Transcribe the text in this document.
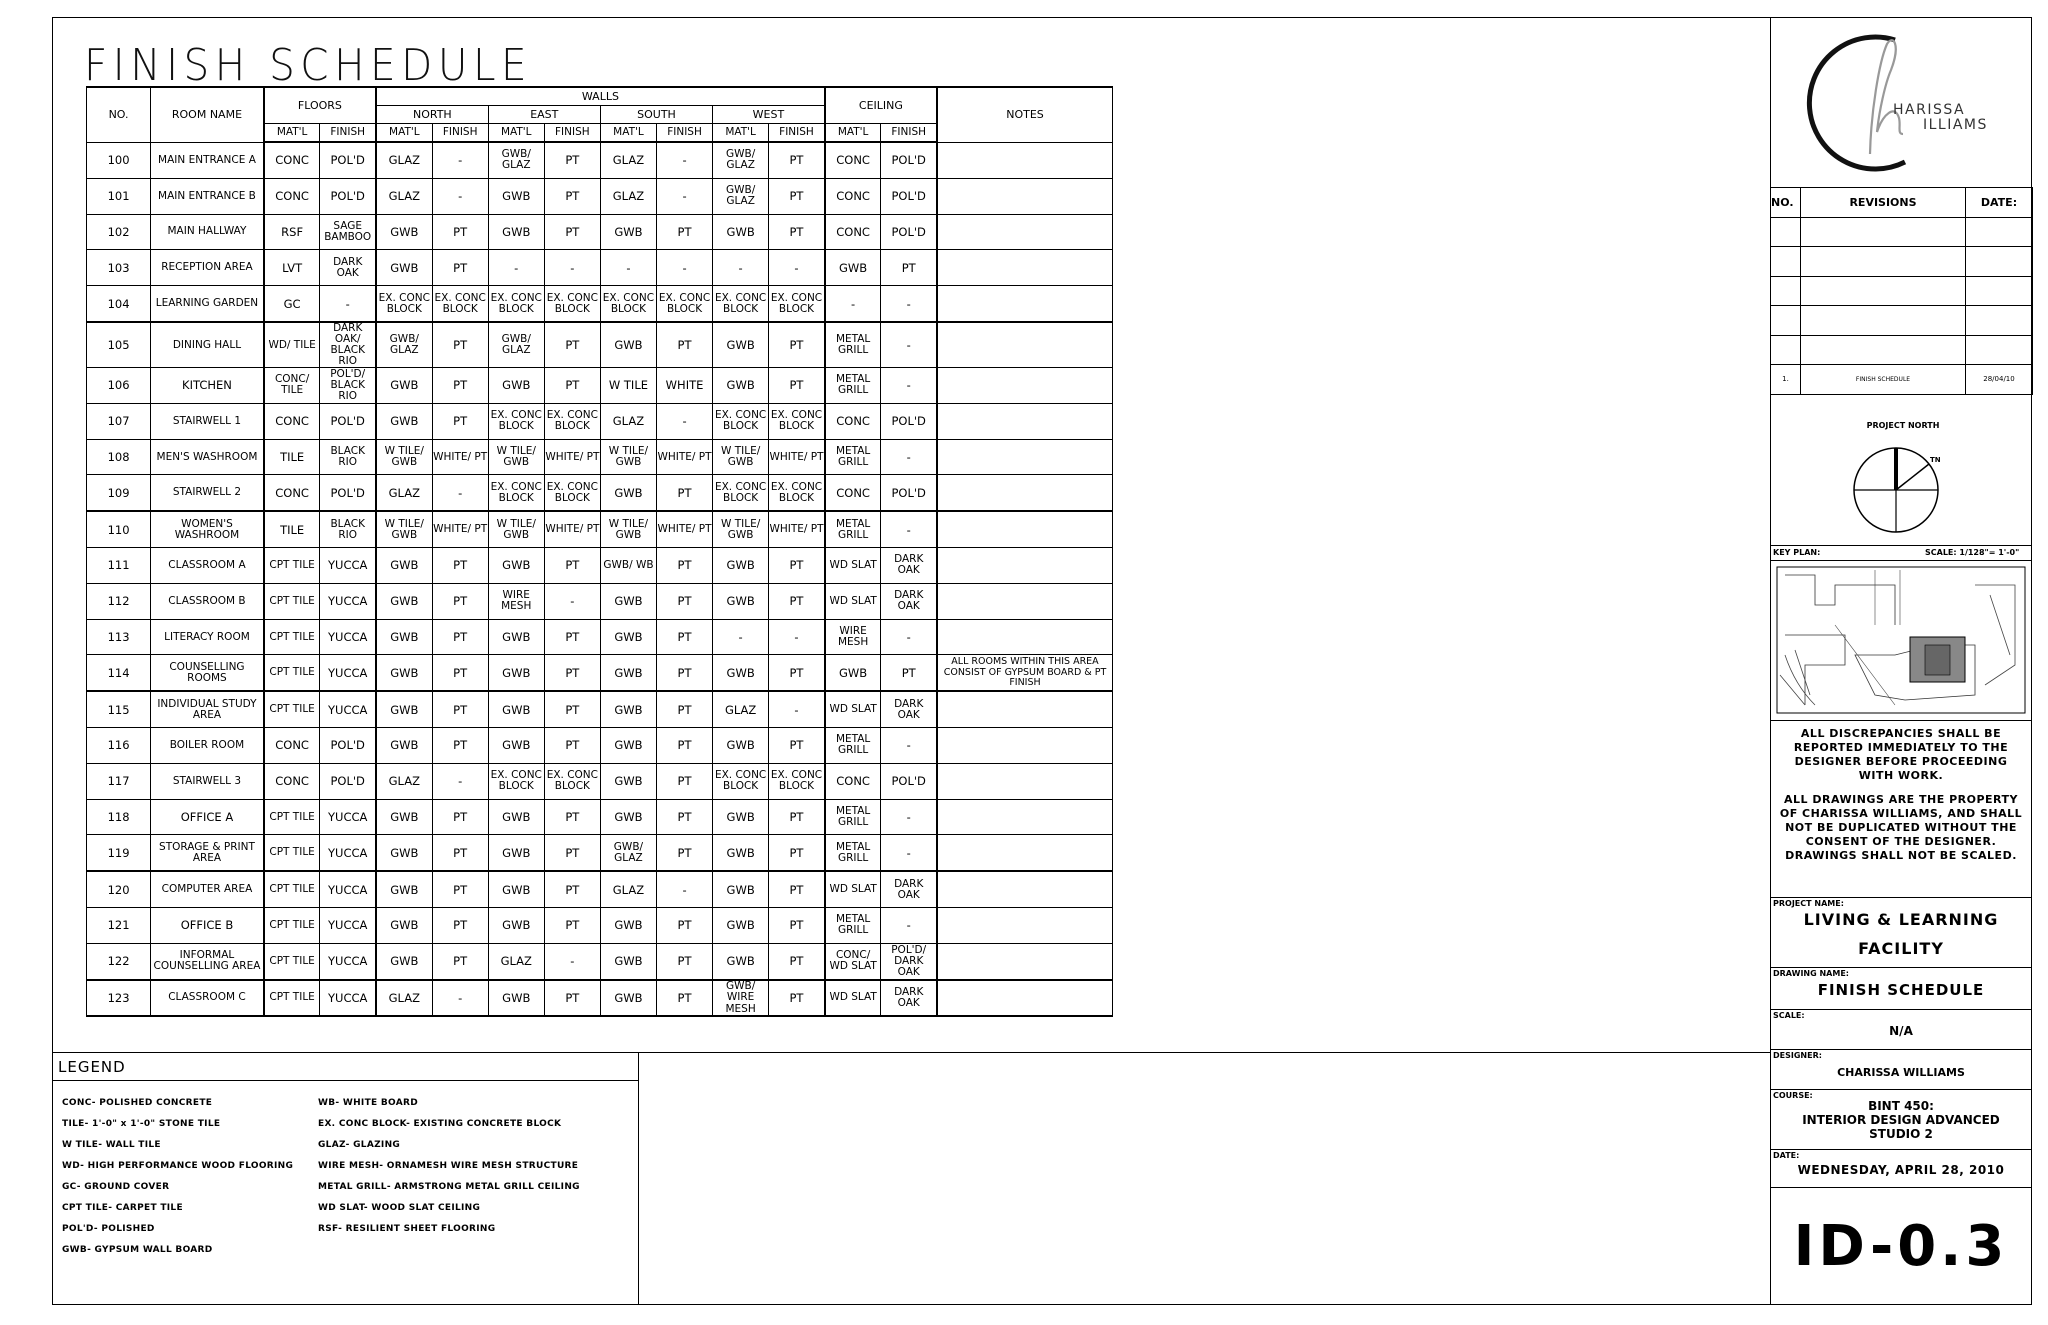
FINISH SCHEDULE
NO.	ROOM NAME	FLOORS		WALLS								CEILING		NOTES
				NORTH		EAST		SOUTH		WEST				
		MAT'L	FINISH	MAT'L	FINISH	MAT'L	FINISH	MAT'L	FINISH	MAT'L	FINISH	MAT'L	FINISH	
100	MAIN ENTRANCE A	CONC	POL'D	GLAZ	-	GWB/ GLAZ	PT	GLAZ	-	GWB/ GLAZ	PT	CONC	POL'D	
101	MAIN ENTRANCE B	CONC	POL'D	GLAZ	-	GWB	PT	GLAZ	-	GWB/ GLAZ	PT	CONC	POL'D	
102	MAIN HALLWAY	RSF	SAGE BAMBOO	GWB	PT	GWB	PT	GWB	PT	GWB	PT	CONC	POL'D	
103	RECEPTION AREA	LVT	DARK OAK	GWB	PT	-	-	-	-	-	-	GWB	PT	
104	LEARNING GARDEN	GC	-	EX. CONC BLOCK	EX. CONC BLOCK	EX. CONC BLOCK	EX. CONC BLOCK	EX. CONC BLOCK	EX. CONC BLOCK	EX. CONC BLOCK	EX. CONC BLOCK	-	-	
105	DINING HALL	WD/ TILE	DARK OAK/ BLACK RIO	GWB/ GLAZ	PT	GWB/ GLAZ	PT	GWB	PT	GWB	PT	METAL GRILL	-	
106	KITCHEN	CONC/ TILE	POL'D/ BLACK RIO	GWB	PT	GWB	PT	W TILE	WHITE	GWB	PT	METAL GRILL	-	
107	STAIRWELL 1	CONC	POL'D	GWB	PT	EX. CONC BLOCK	EX. CONC BLOCK	GLAZ	-	EX. CONC BLOCK	EX. CONC BLOCK	CONC	POL'D	
108	MEN'S WASHROOM	TILE	BLACK RIO	W TILE/ GWB	WHITE/ PT	W TILE/ GWB	WHITE/ PT	W TILE/ GWB	WHITE/ PT	W TILE/ GWB	WHITE/ PT	METAL GRILL	-	
109	STAIRWELL 2	CONC	POL'D	GLAZ	-	EX. CONC BLOCK	EX. CONC BLOCK	GWB	PT	EX. CONC BLOCK	EX. CONC BLOCK	CONC	POL'D	
110	WOMEN'S WASHROOM	TILE	BLACK RIO	W TILE/ GWB	WHITE/ PT	W TILE/ GWB	WHITE/ PT	W TILE/ GWB	WHITE/ PT	W TILE/ GWB	WHITE/ PT	METAL GRILL	-	
111	CLASSROOM A	CPT TILE	YUCCA	GWB	PT	GWB	PT	GWB/ WB	PT	GWB	PT	WD SLAT	DARK OAK	
112	CLASSROOM B	CPT TILE	YUCCA	GWB	PT	WIRE MESH	-	GWB	PT	GWB	PT	WD SLAT	DARK OAK	
113	LITERACY ROOM	CPT TILE	YUCCA	GWB	PT	GWB	PT	GWB	PT	-	-	WIRE MESH	-	
114	COUNSELLING ROOMS	CPT TILE	YUCCA	GWB	PT	GWB	PT	GWB	PT	GWB	PT	GWB	PT	ALL ROOMS WITHIN THIS AREA CONSIST OF GYPSUM BOARD & PT FINISH
115	INDIVIDUAL STUDY AREA	CPT TILE	YUCCA	GWB	PT	GWB	PT	GWB	PT	GLAZ	-	WD SLAT	DARK OAK	
116	BOILER ROOM	CONC	POL'D	GWB	PT	GWB	PT	GWB	PT	GWB	PT	METAL GRILL	-	
117	STAIRWELL 3	CONC	POL'D	GLAZ	-	EX. CONC BLOCK	EX. CONC BLOCK	GWB	PT	EX. CONC BLOCK	EX. CONC BLOCK	CONC	POL'D	
118	OFFICE A	CPT TILE	YUCCA	GWB	PT	GWB	PT	GWB	PT	GWB	PT	METAL GRILL	-	
119	STORAGE & PRINT AREA	CPT TILE	YUCCA	GWB	PT	GWB	PT	GWB/ GLAZ	PT	GWB	PT	METAL GRILL	-	
120	COMPUTER AREA	CPT TILE	YUCCA	GWB	PT	GWB	PT	GLAZ	-	GWB	PT	WD SLAT	DARK OAK	
121	OFFICE B	CPT TILE	YUCCA	GWB	PT	GWB	PT	GWB	PT	GWB	PT	METAL GRILL	-	
122	INFORMAL COUNSELLING AREA	CPT TILE	YUCCA	GWB	PT	GLAZ	-	GWB	PT	GWB	PT	CONC/ WD SLAT	POL'D/ DARK OAK	
123	CLASSROOM C	CPT TILE	YUCCA	GLAZ	-	GWB	PT	GWB	PT	GWB/ WIRE MESH	PT	WD SLAT	DARK OAK	
LEGEND
CONC- POLISHED CONCRETE
TILE- 1'-0" x 1'-0" STONE TILE
W TILE- WALL TILE
WD- HIGH PERFORMANCE WOOD FLOORING
GC- GROUND COVER
CPT TILE- CARPET TILE
POL'D- POLISHED
GWB- GYPSUM WALL BOARD
WB- WHITE BOARD
EX. CONC BLOCK- EXISTING CONCRETE BLOCK
GLAZ- GLAZING
WIRE MESH- ORNAMESH WIRE MESH STRUCTURE
METAL GRILL- ARMSTRONG METAL GRILL CEILING
WD SLAT- WOOD SLAT CEILING
RSF- RESILIENT SHEET FLOORING
HARISSA
ILLIAMS
NO.	REVISIONS	DATE:

1.	FINISH SCHEDULE	28/04/10
PROJECT NORTH
TN
KEY PLAN:	SCALE: 1/128"= 1'-0"
ALL DISCREPANCIES SHALL BE REPORTED IMMEDIATELY TO THE DESIGNER BEFORE PROCEEDING WITH WORK.
ALL DRAWINGS ARE THE PROPERTY OF CHARISSA WILLIAMS, AND SHALL NOT BE DUPLICATED WITHOUT THE CONSENT OF THE DESIGNER. DRAWINGS SHALL NOT BE SCALED.
PROJECT NAME:
LIVING & LEARNING
FACILITY
DRAWING NAME:
FINISH SCHEDULE
SCALE:
N/A
DESIGNER:
CHARISSA WILLIAMS
COURSE:
BINT 450:
INTERIOR DESIGN ADVANCED
STUDIO 2
DATE:
WEDNESDAY, APRIL 28, 2010
ID-0.3
